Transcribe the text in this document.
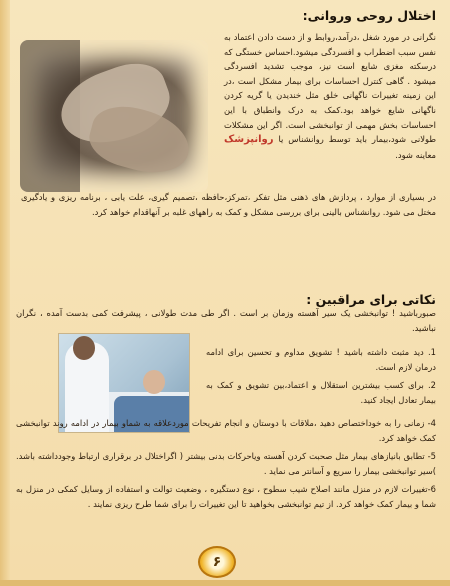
اختلال روحی وروانی:
نگرانی در مورد شغل ،درآمد،روابط و از دست دادن اعتماد به نفس سبب اضطراب و افسردگی میشود.احساس خستگی که درسکته مغزی شایع است نیز، موجب تشدید افسردگی میشود . گاهی کنترل احساسات برای بیمار مشکل است ،در این زمینه تغییرات ناگهانی خلق مثل خندیدن یا گریه کردن ناگهانی شایع خواهد بود.کمک به درک وانطباق با این احساسات بخش مهمی از توانبخشی است. اگر این مشکلات طولانی شود،بیمار باید توسط روانشناس یا روانپزشک معاینه شود.
در بسیاری از موارد ، پردازش های ذهنی مثل تفکر ،تمرکز،حافظه ،تصمیم گیری، علت یابی ، برنامه ریزی و یادگیری مختل می شود. روانشناس بالینی برای بررسی مشکل و کمک به راههای غلبه بر آنهاقدام خواهد کرد.
نکاتی برای مراقبین :
صبورباشید ! توانبخشی یک سیر آهسته وزمان بر است . اگر طی مدت طولانی ، پیشرفت کمی بدست آمده ، نگران نباشید.

1. دید مثبت داشته باشید ! تشویق مداوم و تحسین برای ادامه درمان لازم است.

2. برای کسب بیشترین استقلال و اعتماد،بین تشویق و کمک به بیمار تعادل ایجاد کنید.

4- زمانی را به خوداختصاص دهید ،ملاقات با دوستان و انجام تفریحات موردعلاقه به شماو بیمار در ادامه روند توانبخشی کمک خواهد کرد.

5- تطابق بانیازهای بیمار مثل صحبت کردن آهسته ویاحرکات بدنی بیشتر ( اگراختلال در برقراری ارتباط وجودداشته باشد. )سیر توانبخشی بیمار را سریع و آسانتر می نماید .

6-تغییرات لازم در منزل مانند اصلاح شیب سطوح ، نوع دستگیره ، وضعیت توالت و استفاده از وسایل کمکی در منزل به شما و بیمار کمک خواهد کرد. از تیم توانبخشی بخواهید تا این تغییرات را برای شما طرح ریزی نمایند .

۶
